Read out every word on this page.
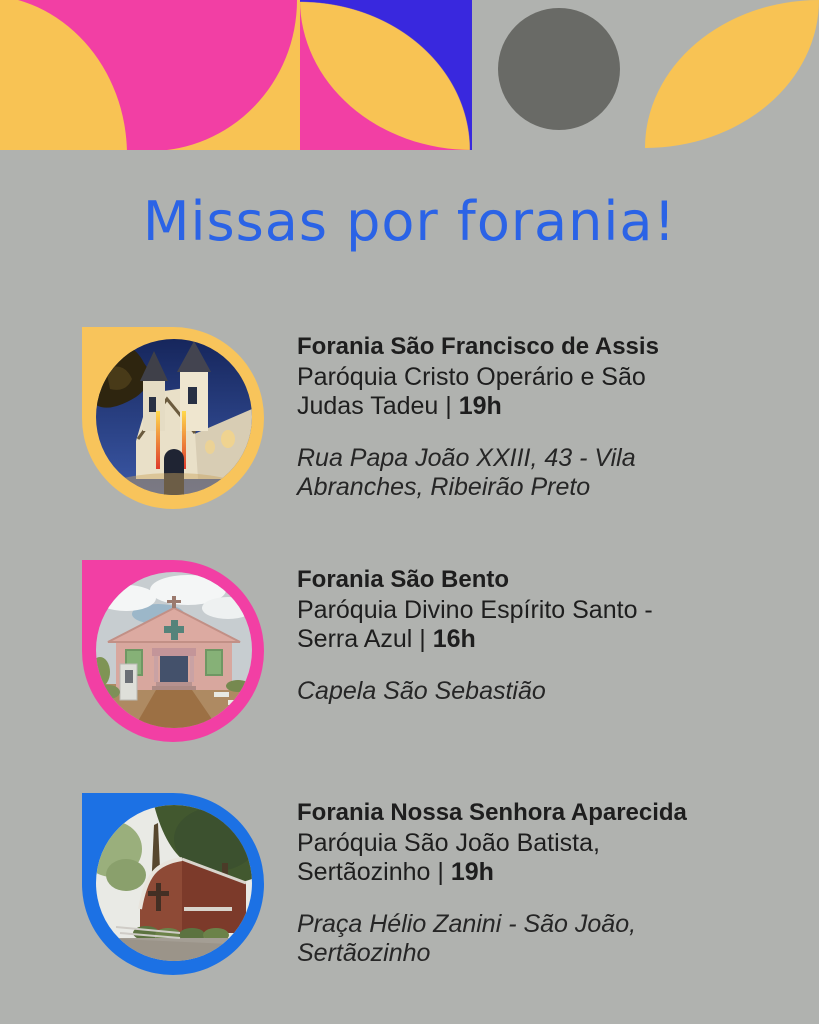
Missas por forania!
Forania São Francisco de Assis

Paróquia Cristo Operário e São
Judas Tadeu | 19h

Rua Papa João XXIII, 43 - Vila
Abranches, Ribeirão Preto

Forania São Bento

Paróquia Divino Espírito Santo -
Serra Azul | 16h

Capela São Sebastião

Forania Nossa Senhora Aparecida

Paróquia São João Batista,
Sertãozinho | 19h

Praça Hélio Zanini - São João,
Sertãozinho
